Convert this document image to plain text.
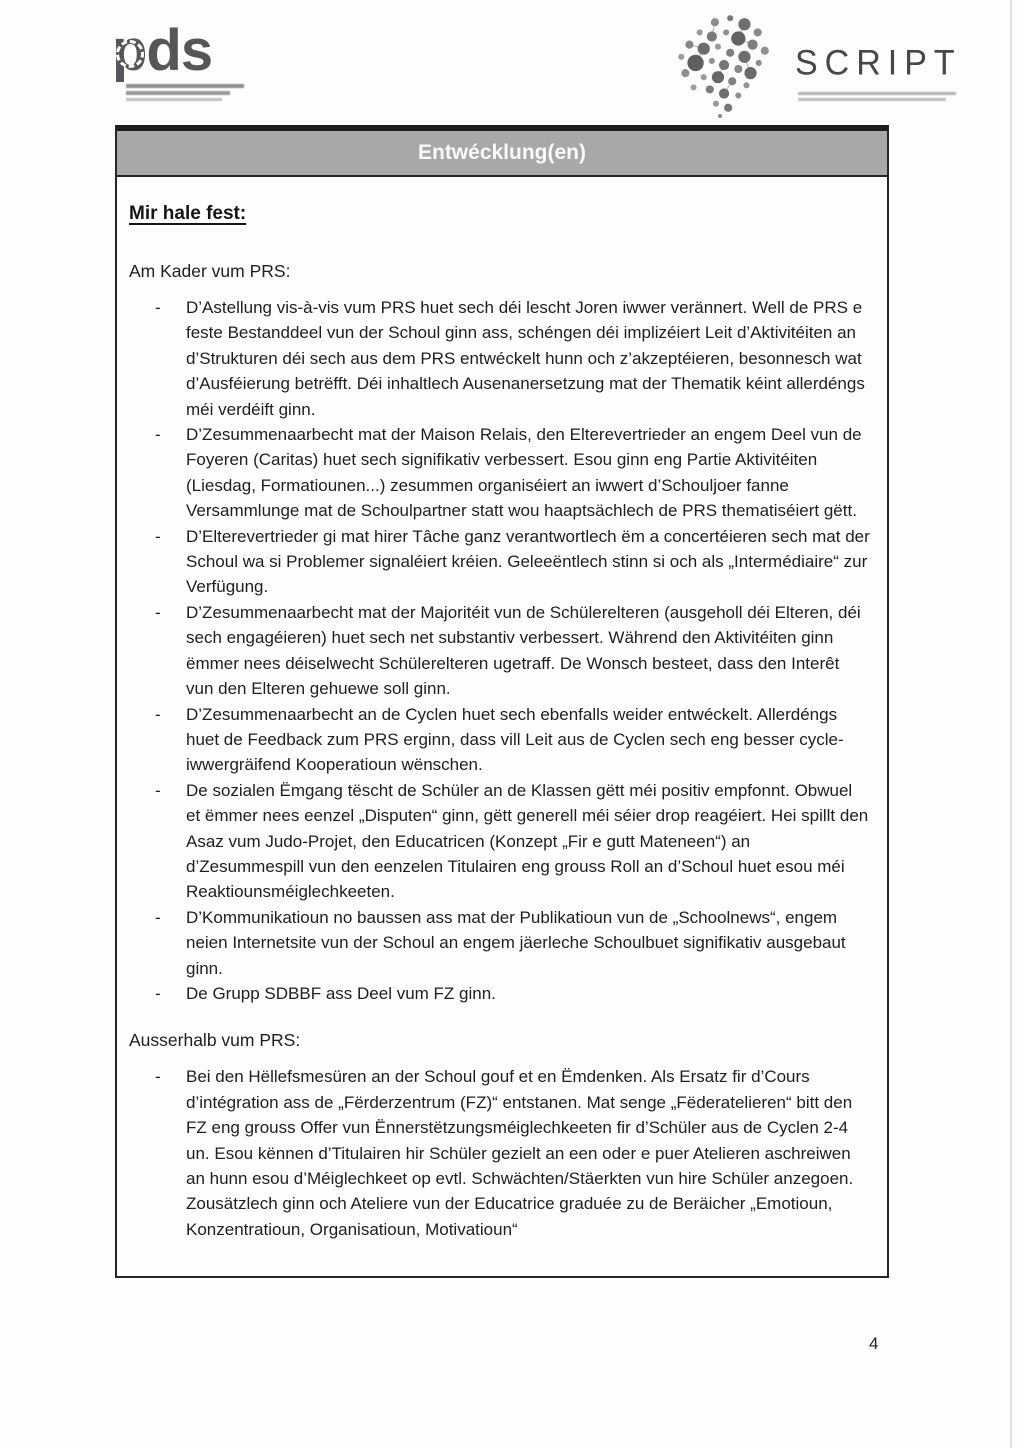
pds	SCRIPT
Entwécklung(en)
Mir hale fest:

Am Kader vum PRS:

-	D’Astellung vis-à-vis vum PRS huet sech déi lescht Joren iwwer verännert. Well de PRS e feste Bestanddeel vun der Schoul ginn ass, schéngen déi implizéiert Leit d’Aktivitéiten an d’Strukturen déi sech aus dem PRS entwéckelt hunn och z’akzeptéieren, besonnesch wat d’Ausféierung betrëfft. Déi inhaltlech Ausenanersetzung mat der Thematik kéint allerdéngs méi verdéift ginn.
-	D’Zesummenaarbecht mat der Maison Relais, den Elterevertrieder an engem Deel vun de Foyeren (Caritas) huet sech signifikativ verbessert. Esou ginn eng Partie Aktivitéiten (Liesdag, Formatiounen...) zesummen organiséiert an iwwert d’Schouljoer fanne Versammlunge mat de Schoulpartner statt wou haaptsächlech de PRS thematiséiert gëtt.
-	D’Elterevertrieder gi mat hirer Tâche ganz verantwortlech ëm a concertéieren sech mat der Schoul wa si Problemer signaléiert kréien. Geleeëntlech stinn si och als „Intermédiaire“ zur Verfügung.
-	D’Zesummenaarbecht mat der Majoritéit vun de Schülerelteren (ausgeholl déi Elteren, déi sech engagéieren) huet sech net substantiv verbessert. Während den Aktivitéiten ginn ëmmer nees déiselwecht Schülerelteren ugetraff. De Wonsch besteet, dass den Interêt vun den Elteren gehuewe soll ginn.
-	D’Zesummenaarbecht an de Cyclen huet sech ebenfalls weider entwéckelt. Allerdéngs huet de Feedback zum PRS erginn, dass vill Leit aus de Cyclen sech eng besser cycle-iwwergräifend Kooperatioun wënschen.
-	De sozialen Ëmgang tëscht de Schüler an de Klassen gëtt méi positiv empfonnt. Obwuel et ëmmer nees eenzel „Disputen“ ginn, gëtt generell méi séier drop reagéiert. Hei spillt den Asaz vum Judo-Projet, den Educatricen (Konzept „Fir e gutt Mateneen“) an d’Zesummespill vun den eenzelen Titulairen eng grouss Roll an d’Schoul huet esou méi Reaktiounsméiglechkeeten.
-	D’Kommunikatioun no baussen ass mat der Publikatioun vun de „Schoolnews“, engem neien Internetsite vun der Schoul an engem jäerleche Schoulbuet signifikativ ausgebaut ginn.
-	De Grupp SDBBF ass Deel vum FZ ginn.

Ausserhalb vum PRS:

-	Bei den Hëllefsmesüren an der Schoul gouf et en Ëmdenken. Als Ersatz fir d’Cours d’intégration ass de „Fërderzentrum (FZ)“ entstanen. Mat senge „Fëderatelieren“ bitt den FZ eng grouss Offer vun Ënnerstëtzungsméiglechkeeten fir d’Schüler aus de Cyclen 2-4 un. Esou kënnen d’Titulairen hir Schüler gezielt an een oder e puer Atelieren aschreiwen an hunn esou d’Méiglechkeet op evtl. Schwächten/Stäerkten vun hire Schüler anzegoen. Zousätzlech ginn och Ateliere vun der Educatrice graduée zu de Beräicher „Emotioun, Konzentratioun, Organisatioun, Motivatioun“
4
